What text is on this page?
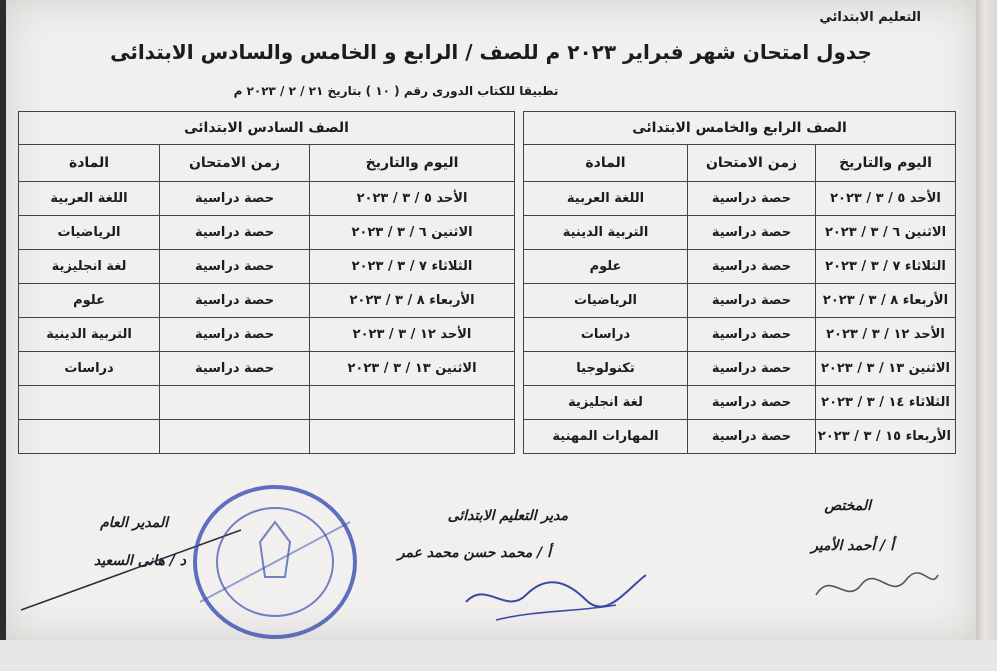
التعليم الابتدائي
جدول امتحان شهر فبراير ٢٠٢٣ م للصف / الرابع و الخامس والسادس الابتدائى
تطبيقا للكتاب الدورى رقم ( ١٠ ) بتاريخ ٢١ / ٢ / ٢٠٢٣ م
الصف الرابع والخامس الابتدائى		
اليوم والتاريخ	زمن الامتحان	المادة
الأحد ٥ / ٣ / ٢٠٢٣	حصة دراسية	اللغة العربية
الاثنين ٦ / ٣ / ٢٠٢٣	حصة دراسية	التربية الدينية
الثلاثاء ٧ / ٣ / ٢٠٢٣	حصة دراسية	علوم
الأربعاء ٨ / ٣ / ٢٠٢٣	حصة دراسية	الرياضيات
الأحد ١٢ / ٣ / ٢٠٢٣	حصة دراسية	دراسات
الاثنين ١٣ / ٣ / ٢٠٢٣	حصة دراسية	تكنولوجيا
الثلاثاء ١٤ / ٣ / ٢٠٢٣	حصة دراسية	لغة انجليزية
الأربعاء ١٥ / ٣ / ٢٠٢٣	حصة دراسية	المهارات المهنية
الصف السادس الابتدائى		
اليوم والتاريخ	زمن الامتحان	المادة
الأحد ٥ / ٣ / ٢٠٢٣	حصة دراسية	اللغة العربية
الاثنين ٦ / ٣ / ٢٠٢٣	حصة دراسية	الرياضيات
الثلاثاء ٧ / ٣ / ٢٠٢٣	حصة دراسية	لغة انجليزية
الأربعاء ٨ / ٣ / ٢٠٢٣	حصة دراسية	علوم
الأحد ١٢ / ٣ / ٢٠٢٣	حصة دراسية	التربية الدينية
الاثنين ١٣ / ٣ / ٢٠٢٣	حصة دراسية	دراسات

المختص
أ / أحمد الأمير
مدير التعليم الابتدائى
أ / محمد حسن محمد عمر
المدير العام
د / هانى السعيد
